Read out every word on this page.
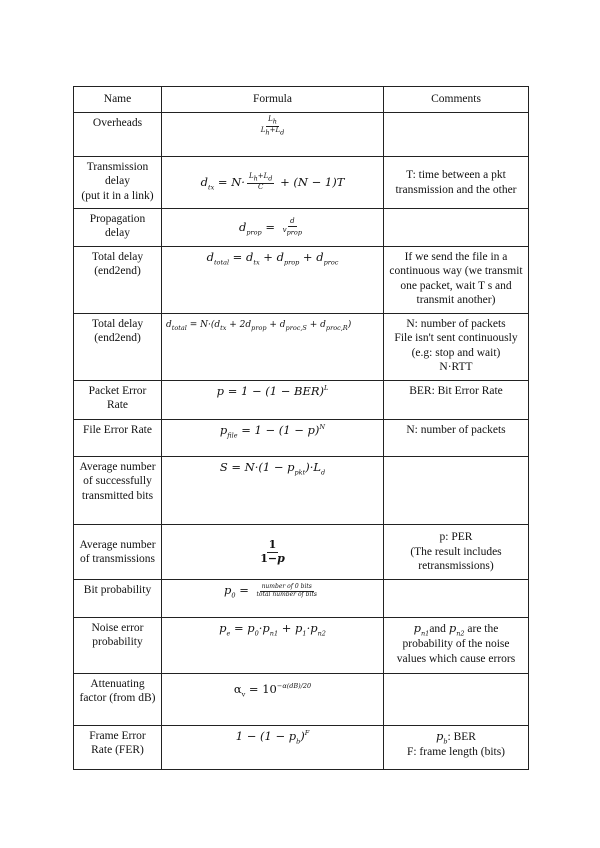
Name	Formula	Comments
Overheads	$\frac{L_h}{L_h+L_d}$

Transmission
delay
(put it in a link)	$d_{tx} = N\cdot \frac{L_h+L_d}{C} + (N - 1)T$	T: time between a pkt transmission and the other
Propagation
delay	$d_{prop} = \frac{d}{v_{prop}}$

Total delay
(end2end)	$d_{total} = d_{tx} + d_{prop} + d_{proc}$	If we send the file in a continuous way (we transmit one packet, wait T s and transmit another)
Total delay
(end2end)	$d_{total} = N\cdot(d_{tx} + 2d_{prop} + d_{proc,S} + d_{proc,R})$	N: number of packets
File isn't sent continuously
(e.g: stop and wait)
N·RTT
Packet Error
Rate	p = 1 − (1 − BER)$^L$	BER: Bit Error Rate
File Error Rate	$p_{file} = 1 - (1 - p)^N$	N: number of packets
Average number of successfully transmitted bits	$S = N\cdot(1 - p_{pkt})\cdot L_d$	
Average number of transmissions	$\frac{1}{1-p}$	p: PER
(The result includes retransmissions)
Bit probability	$p_0 = \frac{\text{number of 0 bits}}{\text{total number of bits}}$

Noise error probability	$p_e = p_0\cdot p_{n1} + p_1\cdot p_{n2}$	$p_{n1}and$ $p_{n2}$ are the probability of the noise values which cause errors
Attenuating factor (from dB)	$\alpha_v = 10^{-\alpha(dB)/20}$	
Frame Error Rate (FER)	$1 - (1 - p_b)^F$	$p_b$: BER
F: frame length (bits)
